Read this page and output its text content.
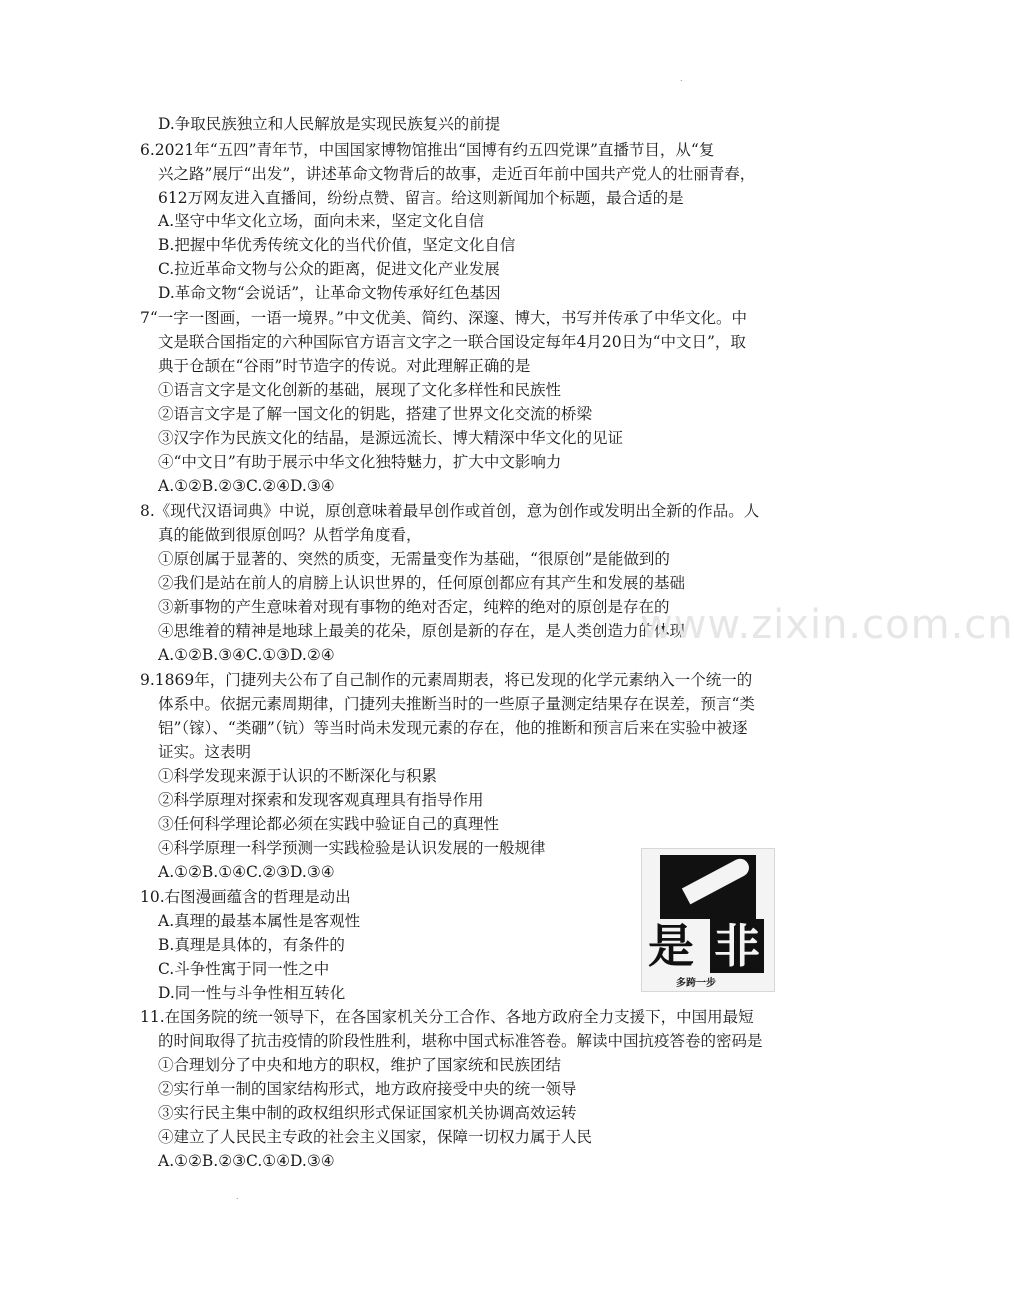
.
D.争取民族独立和人民解放是实现民族复兴的前提
6.2021年“五四”青年节，中国国家博物馆推出“国博有约五四党课”直播节目，从“复
兴之路”展厅“出发”，讲述革命文物背后的故事，走近百年前中国共产党人的壮丽青春，
612万网友进入直播间，纷纷点赞、留言。给这则新闻加个标题，最合适的是
A.坚守中华文化立场，面向未来，坚定文化自信
B.把握中华优秀传统文化的当代价值，坚定文化自信
C.拉近革命文物与公众的距离，促进文化产业发展
D.革命文物“会说话”，让革命文物传承好红色基因
7“一字一图画，一语一境界。”中文优美、简约、深邃、博大，书写并传承了中华文化。中
文是联合国指定的六种国际官方语言文字之一联合国设定每年4月20日为“中文日”，取
典于仓颉在“谷雨”时节造字的传说。对此理解正确的是
①语言文字是文化创新的基础，展现了文化多样性和民族性
②语言文字是了解一国文化的钥匙，搭建了世界文化交流的桥梁
③汉字作为民族文化的结晶，是源远流长、博大精深中华文化的见证
④“中文日”有助于展示中华文化独特魅力，扩大中文影响力
A.①②B.②③C.②④D.③④
8.《现代汉语词典》中说，原创意味着最早创作或首创，意为创作或发明出全新的作品。人
真的能做到很原创吗？从哲学角度看，
①原创属于显著的、突然的质变，无需量变作为基础，“很原创”是能做到的
②我们是站在前人的肩膀上认识世界的，任何原创都应有其产生和发展的基础
③新事物的产生意味着对现有事物的绝对否定，纯粹的绝对的原创是存在的
④思维着的精神是地球上最美的花朵，原创是新的存在，是人类创造力的体现
A.①②B.③④C.①③D.②④
9.1869年，门捷列夫公布了自己制作的元素周期表，将已发现的化学元素纳入一个统一的
体系中。依据元素周期律，门捷列夫推断当时的一些原子量测定结果存在误差，预言“类
铝”（镓）、“类硼”（钪）等当时尚未发现元素的存在，他的推断和预言后来在实验中被逐
证实。这表明
①科学发现来源于认识的不断深化与积累
②科学原理对探索和发现客观真理具有指导作用
③任何科学理论都必须在实践中验证自己的真理性
④科学原理一科学预测一实践检验是认识发展的一般规律
A.①②B.①④C.②③D.③④
10.右图漫画蕴含的哲理是动出
A.真理的最基本属性是客观性
B.真理是具体的，有条件的
C.斗争性寓于同一性之中
D.同一性与斗争性相互转化
是 非
多跨一步
11.在国务院的统一领导下，在各国家机关分工合作、各地方政府全力支援下，中国用最短
的时间取得了抗击疫情的阶段性胜利，堪称中国式标准答卷。解读中国抗疫答卷的密码是
①合理划分了中央和地方的职权，维护了国家统和民族团结
②实行单一制的国家结构形式，地方政府接受中央的统一领导
③实行民主集中制的政权组织形式保证国家机关协调高效运转
④建立了人民民主专政的社会主义国家，保障一切权力属于人民
A.①②B.②③C.①④D.③④
.
www.zixin.com.cn
